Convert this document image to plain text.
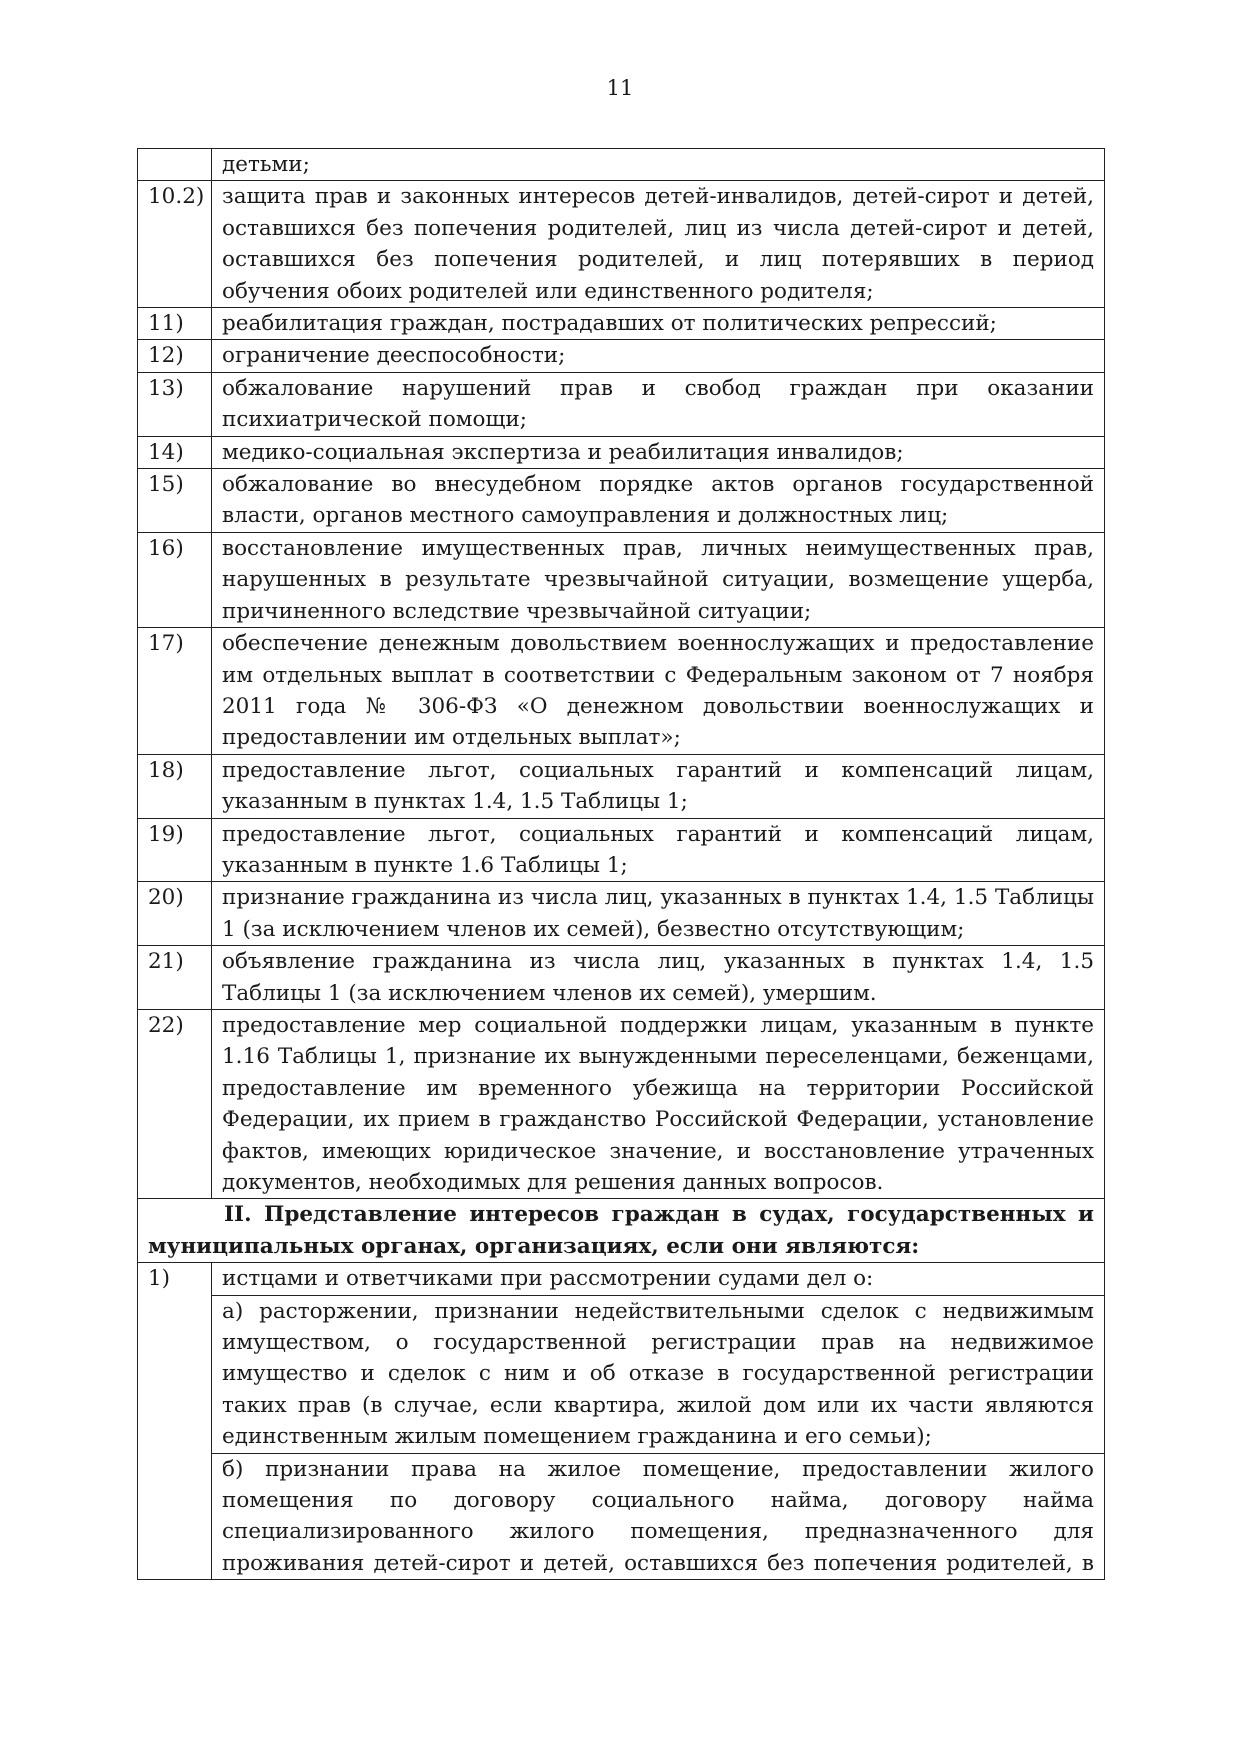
11
	детьми;
10.2)	защита прав и законных интересов детей-инвалидов, детей-сирот и детей, оставшихся без попечения родителей, лиц из числа детей-сирот и детей, оставшихся без попечения родителей, и лиц потерявших в период обучения обоих родителей или единственного родителя;
11)	реабилитация граждан, пострадавших от политических репрессий;
12)	ограничение дееспособности;
13)	обжалование нарушений прав и свобод граждан при оказании психиатрической помощи;
14)	медико-социальная экспертиза и реабилитация инвалидов;
15)	обжалование во внесудебном порядке актов органов государственной власти, органов местного самоуправления и должностных лиц;
16)	восстановление имущественных прав, личных неимущественных прав, нарушенных в результате чрезвычайной ситуации, возмещение ущерба, причиненного вследствие чрезвычайной ситуации;
17)	обеспечение денежным довольствием военнослужащих и предоставление им отдельных выплат в соответствии с Федеральным законом от 7 ноября 2011 года № 306-ФЗ «О денежном довольствии военнослужащих и предоставлении им отдельных выплат»;
18)	предоставление льгот, социальных гарантий и компенсаций лицам, указанным в пунктах 1.4, 1.5 Таблицы 1;
19)	предоставление льгот, социальных гарантий и компенсаций лицам, указанным в пункте 1.6 Таблицы 1;
20)	признание гражданина из числа лиц, указанных в пунктах 1.4, 1.5 Таблицы 1 (за исключением членов их семей), безвестно отсутствующим;
21)	объявление гражданина из числа лиц, указанных в пунктах 1.4, 1.5 Таблицы 1 (за исключением членов их семей), умершим.
22)	предоставление мер социальной поддержки лицам, указанным в пункте 1.16 Таблицы 1, признание их вынужденными переселенцами, беженцами, предоставление им временного убежища на территории Российской Федерации, их прием в гражданство Российской Федерации, установление фактов, имеющих юридическое значение, и восстановление утраченных документов, необходимых для решения данных вопросов.
II. Представление интересов граждан в судах, государственных и муниципальных органах, организациях, если они являются:	
1)	истцами и ответчиками при рассмотрении судами дел о:
	а) расторжении, признании недействительными сделок с недвижимым имуществом, о государственной регистрации прав на недвижимое имущество и сделок с ним и об отказе в государственной регистрации таких прав (в случае, если квартира, жилой дом или их части являются единственным жилым помещением гражданина и его семьи);
	б) признании права на жилое помещение, предоставлении жилого помещения по договору социального найма, договору найма специализированного жилого помещения, предназначенного для проживания детей-сирот и детей, оставшихся без попечения родителей, в
